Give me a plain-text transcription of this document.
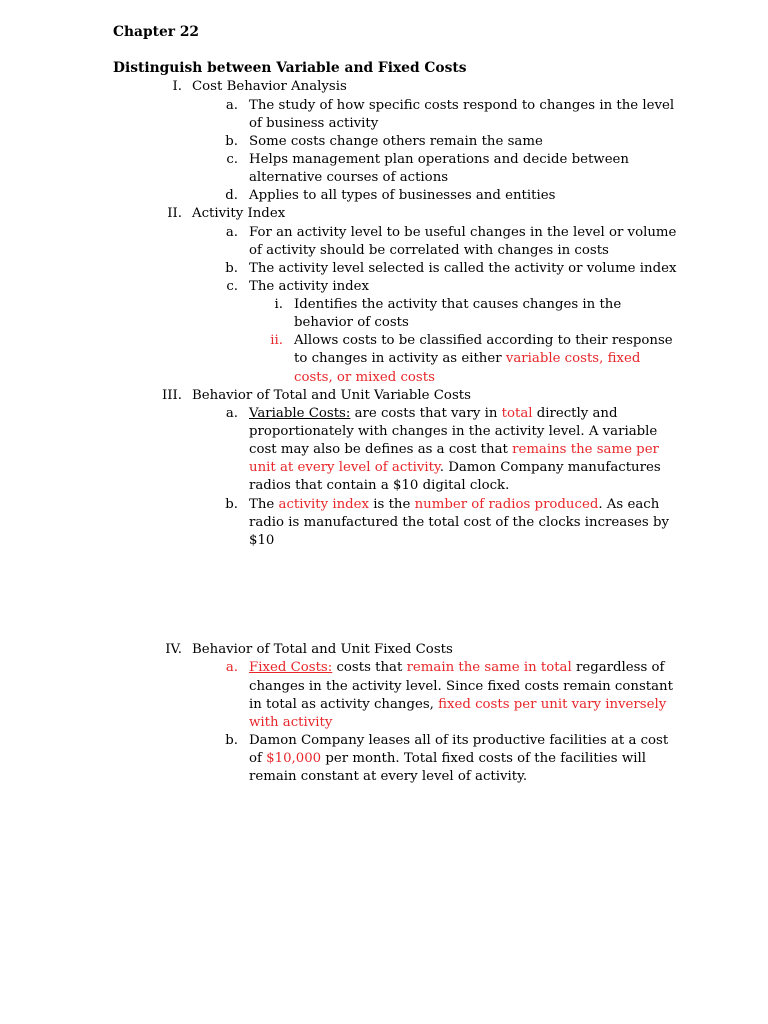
Chapter 22
Distinguish between Variable and Fixed Costs
I. Cost Behavior Analysis
a. The study of how specific costs respond to changes in the level
of business activity
b. Some costs change others remain the same
c. Helps management plan operations and decide between
alternative courses of actions
d. Applies to all types of businesses and entities
II. Activity Index
a. For an activity level to be useful changes in the level or volume
of activity should be correlated with changes in costs
b. The activity level selected is called the activity or volume index
c. The activity index
i. Identifies the activity that causes changes in the
behavior of costs
ii. Allows costs to be classified according to their response
to changes in activity as either variable costs, fixed
costs, or mixed costs
III. Behavior of Total and Unit Variable Costs
a. Variable Costs: are costs that vary in total directly and
proportionately with changes in the activity level. A variable
cost may also be defines as a cost that remains the same per
unit at every level of activity. Damon Company manufactures
radios that contain a $10 digital clock.
b. The activity index is the number of radios produced. As each
radio is manufactured the total cost of the clocks increases by
$10
IV. Behavior of Total and Unit Fixed Costs
a. Fixed Costs: costs that remain the same in total regardless of
changes in the activity level. Since fixed costs remain constant
in total as activity changes, fixed costs per unit vary inversely
with activity
b. Damon Company leases all of its productive facilities at a cost
of $10,000 per month. Total fixed costs of the facilities will
remain constant at every level of activity.
